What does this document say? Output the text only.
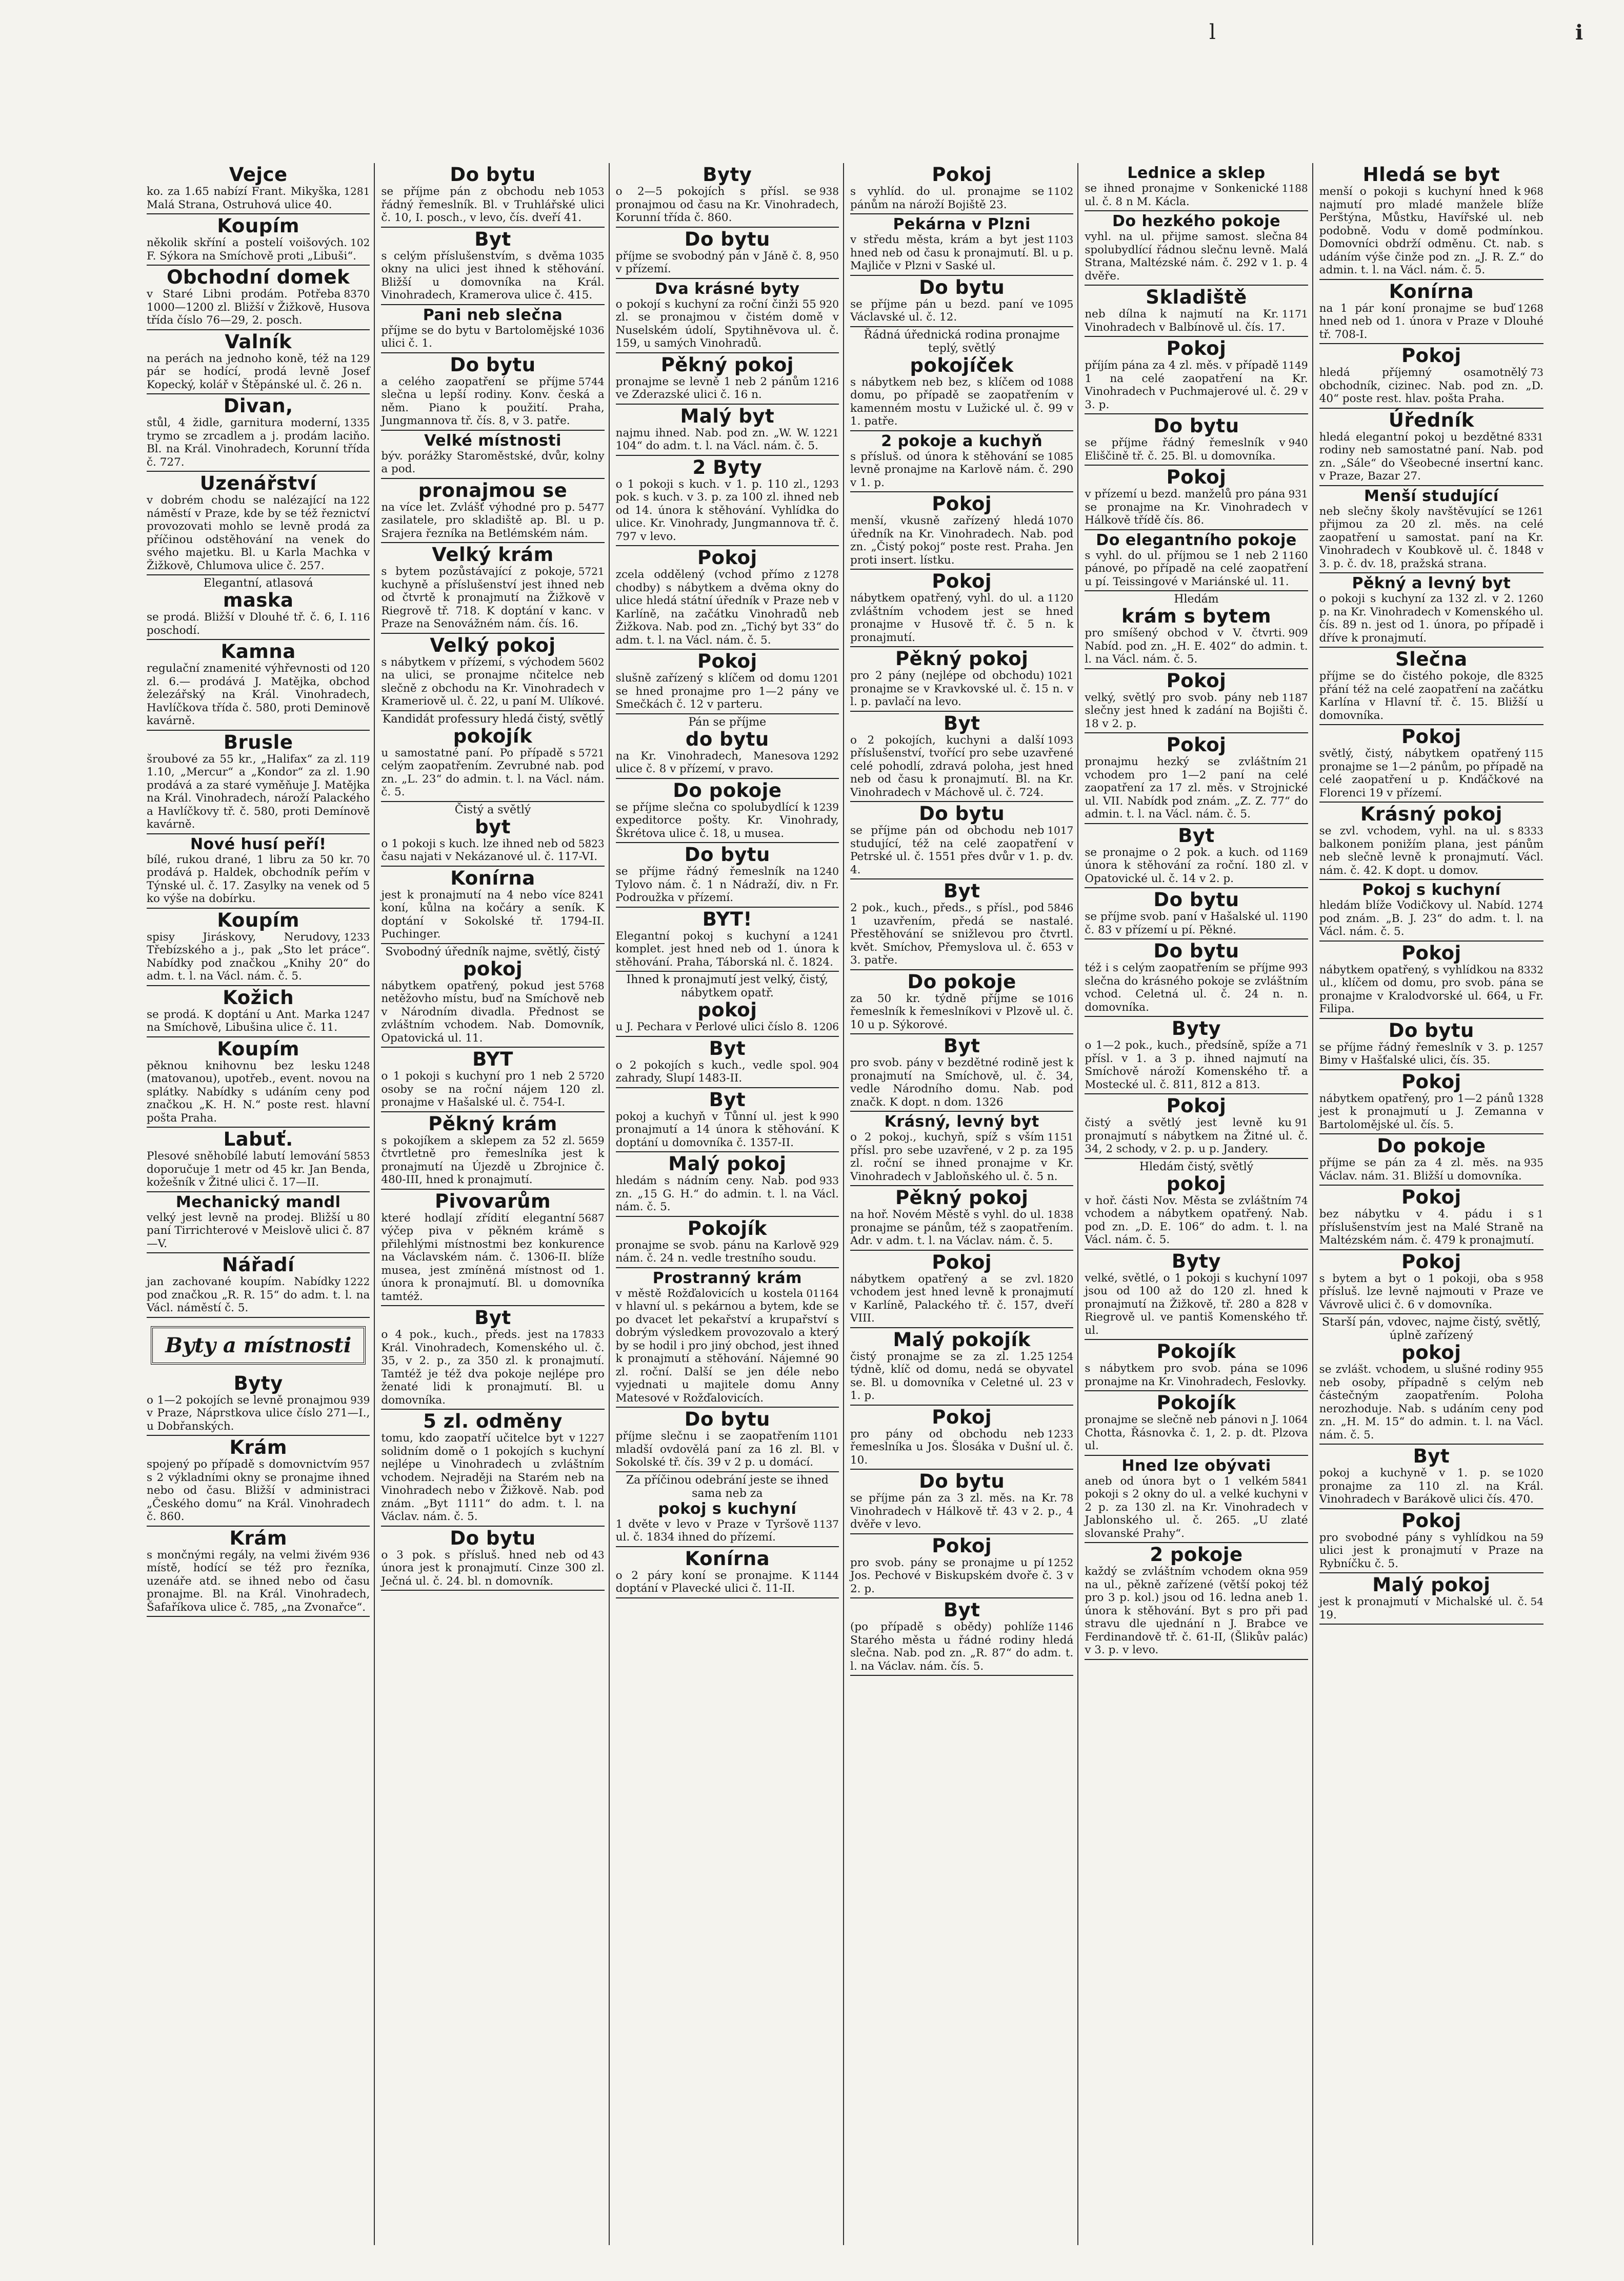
l	i
Vejce

1281
ko. za 1.65 nabízí Frant. Mikyška, Malá Strana, Ostruhová ulice 40.

Koupím

102
několik skříní a postelí voišových. F. Sýkora na Smíchově proti „Libuši“.

Obchodní domek

8370
v Staré Libni prodám. Potřeba 1000—1200 zl. Bližší v Žižkově, Husova třída číslo 76—29, 2. posch.

Valník

129
na perách na jednoho koně, též na pár se hodící, prodá levně Josef Kopecký, kolář v Štěpánské ul. č. 26 n.

Divan,

1335
stůl, 4 židle, garnitura moderní, trymo se zrcadlem a j. prodám laciňo. Bl. na Král. Vinohradech, Korunní třída č. 727.

Uzenářství

122
v dobrém chodu se nalézající na náměstí v Praze, kde by se též řeznictví provozovati mohlo se levně prodá za příčinou odstěhování na venek do svého majetku. Bl. u Karla Machka v Žižkově, Chlumova ulice č. 257.

Elegantní, atlasová
maska

116
se prodá. Bližší v Dlouhé tř. č. 6, I. poschodí.

Kamna

120
regulační znamenité výhřevnosti od zl. 6.— prodává J. Matějka, obchod železářský na Král. Vinohradech, Havlíčkova třída č. 580, proti Deminově kavárně.

Brusle

119
šroubové za 55 kr., „Halifax“ za zl. 1.10, „Mercur“ a „Kondor“ za zl. 1.90 prodává a za staré vyměňuje J. Matějka na Král. Vinohradech, nároží Palackého a Havlíčkovy tř. č. 580, proti Demínově kavárně.

Nové husí peří!

70
bílé, rukou drané, 1 libru za 50 kr. prodává p. Haldek, obchodník peřím v Týnské ul. č. 17. Zasylky na venek od 5 ko výše na dobírku.

Koupím

1233
spisy Jiráskovy, Nerudovy, Třebízského a j., pak „Sto let práce“. Nabídky pod značkou „Knihy 20“ do adm. t. l. na Václ. nám. č. 5.

Kožich

1247
se prodá. K doptání u Ant. Marka na Smíchově, Libušina ulice č. 11.

Koupím

1248
pěknou knihovnu bez lesku (matovanou), upotřeb., event. novou na splátky. Nabídky s udáním ceny pod značkou „K. H. N.“ poste rest. hlavní pošta Praha.

Labuť.

5853
Plesové sněhobílé labutí lemování doporučuje 1 metr od 45 kr. Jan Benda, kožešník v Žitné ulici č. 17—II.

Mechanický mandl

80
velký jest levně na prodej. Bližší u paní Tirrichterové v Meislově ulici č. 87—V.

Nářadí

1222
jan zachované koupím. Nabídky pod značkou „R. R. 15“ do adm. t. l. na Václ. náměstí č. 5.

Byty a místnosti
Byty

939
o 1—2 pokojích se levně pronajmou v Praze, Náprstkova ulice číslo 271—I., u Dobřanských.

Krám

957
spojený po případě s domovnictvím s 2 výkladními okny se pronajme ihned nebo od času. Bližší v administraci „Českého domu“ na Král. Vinohradech č. 860.

Krám

936
s mončnými regály, na velmi živém místě, hodící se též pro řezníka, uzenáře atd. se ihned nebo od času pronajme. Bl. na Král. Vinohradech, Šafaříkova ulice č. 785, „na Zvonařce“.

Do bytu

1053
se příjme pán z obchodu neb řádný řemeslník. Bl. v Truhlářské ulici č. 10, I. posch., v levo, čís. dveří 41.

Byt

1035
s celým příslušenstvím, s dvěma okny na ulici jest ihned k stěhování. Bližší u domovníka na Král. Vinohradech, Kramerova ulice č. 415.

Pani neb slečna

1036
příjme se do bytu v Bartolomějské ulici č. 1.

Do bytu

5744
a celého zaopatření se příjme slečna u lepší rodiny. Konv. česká a něm. Piano k použití. Praha, Jungmannova tř. čís. 8, v 3. patře.

Velké místnosti

býv. porážky Staroměstské, dvůr, kolny a pod.

pronajmou se

5477
na více let. Zvlášť výhodné pro p. zasilatele, pro skladiště ap. Bl. u p. Srajera řezníka na Betlémském nám.

Velký krám

5721
s bytem pozůstávající z pokoje, kuchyně a příslušenství jest ihned neb od čtvrtě k pronajmutí na Žižkově v Riegrově tř. 718. K doptání v kanc. v Praze na Senovážném nám. čís. 16.

Velký pokoj

5602
s nábytkem v přízemí, s východem na ulici, se pronajme nčitelce neb slečně z obchodu na Kr. Vinohradech v Krameriově ul. č. 22, u paní M. Ulíkové.

Kandidát professury hledá čistý, světlý
pokojík

5721
u samostatné paní. Po případě s celým zaopatřením. Zevrubné nab. pod zn. „L. 23“ do admin. t. l. na Václ. nám. č. 5.

Čistý a světlý
byt

5823
o 1 pokoji s kuch. lze ihned neb od času najati v Nekázanové ul. č. 117-VI.

Konírna

8241
jest k pronajmutí na 4 nebo více koní, kůlna na kočáry a seník. K doptání v Sokolské tř. 1794-II. Puchinger.

Svobodný úředník najme, světlý, čistý
pokoj

5768
nábytkem opatřený, pokud jest netěžovho místu, buď na Smíchově neb v Národním divadla. Přednost se zvláštním vchodem. Nab. Domovník, Opatovická ul. 11.

BYT

5720
o 1 pokoji s kuchyní pro 1 neb 2 osoby se na roční nájem 120 zl. pronajme v Hašalské ul. č. 754-I.

Pěkný krám

5659
s pokojíkem a sklepem za 52 zl. čtvrtletně pro řemeslníka jest k pronajmutí na Újezdě u Zbrojnice č. 480-III, hned k pronajmutí.

Pivovarům

5687
které hodlají zřídití elegantní výčep piva v pěkném krámě s přilehlými místnostmi bez konkurence na Václavském nám. č. 1306-II. blíže musea, jest zmíněná místnost od 1. února k pronajmutí. Bl. u domovníka tamtéž.

Byt

17833
o 4 pok., kuch., předs. jest na Král. Vinohradech, Komenského ul. č. 35, v 2. p., za 350 zl. k pronajmutí. Tamtéž je též dva pokoje nejlépe pro ženaté lidi k pronajmutí. Bl. u domovníka.

5 zl. odměny

1227
tomu, kdo zaopatří učitelce byt v solidním domě o 1 pokojích s kuchyní nejlépe u Vinohradech u zvláštním vchodem. Nejraději na Starém neb na Vinohradech nebo v Žižkově. Nab. pod znám. „Byt 1111“ do adm. t. l. na Václav. nám. č. 5.

Do bytu

43
o 3 pok. s přísluš. hned neb od února jest k pronajmutí. Cinze 300 zl. Ječná ul. č. 24. bl. n domovník.

Byty

938
o 2—5 pokojích s přísl. se pronajmou od času na Kr. Vinohradech, Korunní třída č. 860.

Do bytu

950
příjme se svobodný pán v Jáně č. 8, v přízemí.

Dva krásné byty

920
o pokojí s kuchyní za roční činži 55 zl. se pronajmou v čistém domě v Nuselském údolí, Spytihněvova ul. č. 159, u samých Vinohradů.

Pěkný pokoj

1216
pronajme se levně 1 neb 2 pánům ve Zderazské ulici č. 16 n.

Malý byt

1221
najmu ihned. Nab. pod zn. „W. W. 104“ do adm. t. l. na Václ. nám. č. 5.

2 Byty

1293
o 1 pokoji s kuch. v 1. p. 110 zl., pok. s kuch. v 3. p. za 100 zl. ihned neb od 14. února k stěhování. Vyhlídka do ulice. Kr. Vinohrady, Jungmannova tř. č. 797 v levo.

Pokoj

1278
zcela oddělený (vchod přímo z chodby) s nábytkem a dvěma okny do ulice hledá státní úředník v Praze neb v Karlíně, na začátku Vinohradů neb Žižkova. Nab. pod zn. „Tichý byt 33“ do adm. t. l. na Václ. nám. č. 5.

Pokoj

1201
slušně zařízený s klíčem od domu se hned pronajme pro 1—2 pány ve Smečkách č. 12 v parteru.

Pán se příjme
do bytu

1292
na Kr. Vinohradech, Manesova ulice č. 8 v přízemí, v pravo.

Do pokoje

1239
se příjme slečna co spolubydlící k expeditorce pošty. Kr. Vinohrady, Škrétova ulice č. 18, u musea.

Do bytu

1240
se příjme řádný řemeslník na Tylovo nám. č. 1 n Nádraží, div. n Fr. Podroužka v přízemí.

BYT!

1241
Elegantní pokoj s kuchyní a komplet. jest hned neb od 1. února k stěhování. Praha, Táborská nl. č. 1824.

Ihned k pronajmutí jest velký, čistý, nábytkem opatř.
pokoj

1206
u J. Pechara v Perlové ulici číslo 8.

Byt

904
o 2 pokojích s kuch., vedle spol. zahrady, Slupí 1483-II.

Byt

990
pokoj a kuchyň v Tůnní ul. jest k pronajmutí a 14 února k stěhování. K doptání u domovníka č. 1357-II.

Malý pokoj

933
hledám s nádním ceny. Nab. pod zn. „15 G. H.“ do admin. t. l. na Václ. nám. č. 5.

Pokojík

929
pronajme se svob. pánu na Karlově nám. č. 24 n. vedle trestního soudu.

Prostranný krám

01164
v městě Rožďalovicích u kostela v hlavní ul. s pekárnou a bytem, kde se po dvacet let pekařství a krupařství s dobrým výsledkem provozovalo a který by se hodil i pro jiný obchod, jest ihned k pronajmutí a stěhování. Nájemné 90 zl. roční. Další se jen déle nebo vyjednati u majitele domu Anny Matesové v Rožďalovicích.

Do bytu

1101
příjme slečnu i se zaopatřením mladší ovdovělá paní za 16 zl. Bl. v Sokolské tř. čís. 39 v 2 p. u domácí.

Za příčinou odebrání jeste se ihned sama neb za
pokoj s kuchyní

1137
1 dvěte v levo v Praze v Tyršově ul. č. 1834 ihned do přízemí.

Konírna

1144
o 2 páry koní se pronajme. K doptání v Plavecké ulici č. 11-II.

Pokoj

1102
s vyhlíd. do ul. pronajme se pánům na nároží Bojiště 23.

Pekárna v Plzni

1103
v středu města, krám a byt jest hned neb od času k pronajmutí. Bl. u p. Majliče v Plzni v Saské ul.

Do bytu

1095
se příjme pán u bezd. paní ve Václavské ul. č. 12.

Řádná úřednická rodina pronajme teplý, světlý
pokojíček

1088
s nábytkem neb bez, s klíčem od domu, po případě se zaopatřením v kamenném mostu v Lužické ul. č. 99 v 1. patře.

2 pokoje a kuchyň

1085
s přísluš. od února k stěhování se levně pronajme na Karlově nám. č. 290 v 1. p.

Pokoj

1070
menší, vkusně zařízený hledá úředník na Kr. Vinohradech. Nab. pod zn. „Čistý pokoj“ poste rest. Praha. Jen proti insert. lístku.

Pokoj

1120
nábytkem opatřený, vyhl. do ul. a zvláštním vchodem jest se hned pronajme v Husově tř. č. 5 n. k pronajmutí.

Pěkný pokoj

1021
pro 2 pány (nejlépe od obchodu) pronajme se v Kravkovské ul. č. 15 n. v l. p. pavlačí na levo.

Byt

1093
o 2 pokojích, kuchyni a další příslušenství, tvořící pro sebe uzavřené celé pohodlí, zdravá poloha, jest hned neb od času k pronajmutí. Bl. na Kr. Vinohradech v Máchově ul. č. 724.

Do bytu

1017
se příjme pán od obchodu neb studující, též na celé zaopatření v Petrské ul. č. 1551 přes dvůr v 1. p. dv. 4.

Byt

5846
2 pok., kuch., předs., s přísl., pod 1 uzavřením, předá se nastalé. Přestěhování se snižlevou pro čtvrtl. květ. Smíchov, Přemyslova ul. č. 653 v 3. patře.

Do pokoje

1016
za 50 kr. týdně příjme se řemeslník k řemeslníkovi v Plzově ul. č. 10 u p. Sýkorové.

Byt

pro svob. pány v bezdětné rodině jest k pronajmutí na Smíchově, ul. č. 34, vedle Národního domu. Nab. pod značk. K dopt. n dom. 1326

Krásný, levný byt

1151
o 2 pokoj., kuchyň, spíž s vším přísl. pro sebe uzavřené, v 2 p. za 195 zl. roční se ihned pronajme v Kr. Vinohradech v Jabloňského ul. č. 5 n.

Pěkný pokoj

1838
na hoř. Novém Městě s vyhl. do ul. pronajme se pánům, též s zaopatřením. Adr. v adm. t. l. na Václav. nám. č. 5.

Pokoj

1820
nábytkem opatřený a se zvl. vchodem jest hned levně k pronajmutí v Karlíně, Palackého tř. č. 157, dveří VIII.

Malý pokojík

1254
čistý pronajme se za zl. 1.25 týdně, klíč od domu, nedá se obyvatel se. Bl. u domovníka v Celetné ul. 23 v 1. p.

Pokoj

1233
pro pány od obchodu neb řemeslníka u Jos. Šlosáka v Dušní ul. č. 10.

Do bytu

78
se příjme pán za 3 zl. měs. na Kr. Vinohradech v Hálkově tř. 43 v 2. p., 4 dvěře v levo.

Pokoj

1252
pro svob. pány se pronajme u pí Jos. Pechové v Biskupském dvoře č. 3 v 2. p.

Byt

1146
(po případě s obědy) pohlíže Starého města u řádné rodiny hledá slečna. Nab. pod zn. „R. 87“ do adm. t. l. na Václav. nám. čís. 5.

Lednice a sklep

1188
se ihned pronajme v Sonkenické ul. č. 8 n M. Kácla.

Do hezkého pokoje

84
vyhl. na ul. přijme samost. slečna spolubydlící řádnou slečnu levně. Malá Strana, Maltézské nám. č. 292 v 1. p. 4 dvěře.

Skladiště

1171
neb dílna k najmutí na Kr. Vinohradech v Balbínově ul. čís. 17.

Pokoj

1149
příjím pána za 4 zl. měs. v případě 1 na celé zaopatření na Kr. Vinohradech v Puchmajerové ul. č. 29 v 3. p.

Do bytu

940
se příjme řádný řemeslník v Eliščině tř. č. 25. Bl. u domovníka.

Pokoj

931
v přízemí u bezd. manželů pro pána se pronajme na Kr. Vinohradech v Hálkově třídě čís. 86.

Do elegantního pokoje

1160
s vyhl. do ul. příjmou se 1 neb 2 pánové, po případě na celé zaopatření u pí. Teissingové v Mariánské ul. 11.

Hledám
krám s bytem

909
pro smíšený obchod v V. čtvrti. Nabíd. pod zn. „H. E. 402“ do admin. t. l. na Václ. nám. č. 5.

Pokoj

1187
velký, světlý pro svob. pány neb slečny jest hned k zadání na Bojišti č. 18 v 2. p.

Pokoj

21
pronajmu hezký se zvláštním vchodem pro 1—2 paní na celé zaopatření za 17 zl. měs. v Strojnické ul. VII. Nabídk pod znám. „Z. Z. 77“ do admin. t. l. na Václ. nám. č. 5.

Byt

1169
se pronajme o 2 pok. a kuch. od února k stěhování za roční. 180 zl. v Opatovické ul. č. 14 v 2. p.

Do bytu

1190
se příjme svob. paní v Hašalské ul. č. 83 v přízemí u pí. Pěkné.

Do bytu

993
též i s celým zaopatřením se příjme slečna do krásného pokoje se zvláštním vchod. Celetná ul. č. 24 n. n. domovníka.

Byty

71
o 1—2 pok., kuch., předsíně, spíže a přísl. v 1. a 3 p. ihned najmutí na Smíchově nároží Komenského tř. a Mostecké ul. č. 811, 812 a 813.

Pokoj

91
čistý a světlý jest levně ku pronajmutí s nábytkem na Žitné ul. č. 34, 2 schody, v 2. p. u p. Jandery.

Hledám čistý, světlý
pokoj

74
v hoř. části Nov. Města se zvláštním vchodem a nábytkem opatřený. Nab. pod zn. „D. E. 106“ do adm. t. l. na Václ. nám. č. 5.

Byty

1097
velké, světlé, o 1 pokoji s kuchyní jsou od 100 až do 120 zl. hned k pronajmutí na Žižkově, tř. 280 a 828 v Riegrově ul. ve pantiš Komenského tř. ul.

Pokojík

1096
s nábytkem pro svob. pána se pronajme na Kr. Vinohradech, Feslovky.

Pokojík

1064
pronajme se slečně neb pánovi n J. Chotta, Řásnovka č. 1, 2. p. dt. Plzova ul.

Hned lze obývati

5841
aneb od února byt o 1 velkém pokoji s 2 okny do ul. a velké kuchyni v 2 p. za 130 zl. na Kr. Vinohradech v Jablonského ul. č. 265. „U zlaté slovanské Prahy“.

2 pokoje

959
každý se zvláštním vchodem okna na ul., pěkně zařízené (větší pokoj též pro 3 p. kol.) jsou od 16. ledna aneb 1. února k stěhování. Byt s pro při pad stravu dle ujednání n J. Brabce ve Ferdinandově tř. č. 61-II, (Šlikův palác) v 3. p. v levo.

Hledá se byt

968
menší o pokoji s kuchyní hned k najmutí pro mladé manžele blíže Perštýna, Můstku, Havířské ul. neb podobně. Vodu v domě podmínkou. Domovníci obdrží odměnu. Ct. nab. s udáním výše činže pod zn. „J. R. Z.“ do admin. t. l. na Václ. nám. č. 5.

Konírna

1268
na 1 pár koní pronajme se buď hned neb od 1. února v Praze v Dlouhé tř. 708-I.

Pokoj

73
hledá příjemný osamotnělý obchodník, cizinec. Nab. pod zn. „D. 40“ poste rest. hlav. pošta Praha.

Úředník

8331
hledá elegantní pokoj u bezdětné rodiny neb samostatné paní. Nab. pod zn. „Sále“ do Všeobecné insertní kanc. v Praze, Bazar 27.

Menší studující

1261
neb slečny školy navštěvující se přijmou za 20 zl. měs. na celé zaopatření u samostat. paní na Kr. Vinohradech v Koubkově ul. č. 1848 v 3. p. č. dv. 18, pražská strana.

Pěkný a levný byt

1260
o pokoji s kuchyní za 132 zl. v 2. p. na Kr. Vinohradech v Komenského ul. čís. 89 n. jest od 1. února, po případě i dříve k pronajmutí.

Slečna

8325
příjme se do čistého pokoje, dle přání též na celé zaopatření na začátku Karlína v Hlavní tř. č. 15. Bližší u domovníka.

Pokoj

115
světlý, čistý, nábytkem opatřený pronajme se 1—2 pánům, po případě na celé zaopatření u p. Knďáčkové na Florenci 19 v přízemí.

Krásný pokoj

8333
se zvl. vchodem, vyhl. na ul. s balkonem ponižím plana, jest pánům neb slečně levně k pronajmutí. Václ. nám. č. 42. K dopt. u domov.

Pokoj s kuchyní

1274
hledám blíže Vodičkovy ul. Nabíd. pod znám. „B. J. 23“ do adm. t. l. na Václ. nám. č. 5.

Pokoj

8332
nábytkem opatřený, s vyhlídkou na ul., klíčem od domu, pro svob. pána se pronajme v Kralodvorské ul. 664, u Fr. Filipa.

Do bytu

1257
se příjme řádný řemeslník v 3. p. Bimy v Hašťalské ulici, čís. 35.

Pokoj

1328
nábytkem opatřený, pro 1—2 pánů jest k pronajmutí u J. Zemanna v Bartolomějské ul. čís. 5.

Do pokoje

935
příjme se pán za 4 zl. měs. na Václav. nám. 31. Bližší u domovníka.

Pokoj

1
bez nábytku v 4. pádu i s příslušenstvím jest na Malé Straně na Maltézském nám. č. 479 k pronajmutí.

Pokoj

958
s bytem a byt o 1 pokoji, oba s přísluš. lze levně najmouti v Praze ve Vávrově ulici č. 6 v domovníka.

Starší pán, vdovec, najme čistý, světlý, úplně zařízený
pokoj

955
se zvlášt. vchodem, u slušné rodiny neb osoby, případně s celým neb částečným zaopatřením. Poloha nerozhoduje. Nab. s udáním ceny pod zn. „H. M. 15“ do admin. t. l. na Václ. nám. č. 5.

Byt

1020
pokoj a kuchyně v 1. p. se pronajme za 110 zl. na Král. Vinohradech v Barákově ulici čís. 470.

Pokoj

59
pro svobodné pány s vyhlídkou na ulici jest k pronajmutí v Praze na Rybníčku č. 5.

Malý pokoj

54
jest k pronajmutí v Michalské ul. č. 19.
